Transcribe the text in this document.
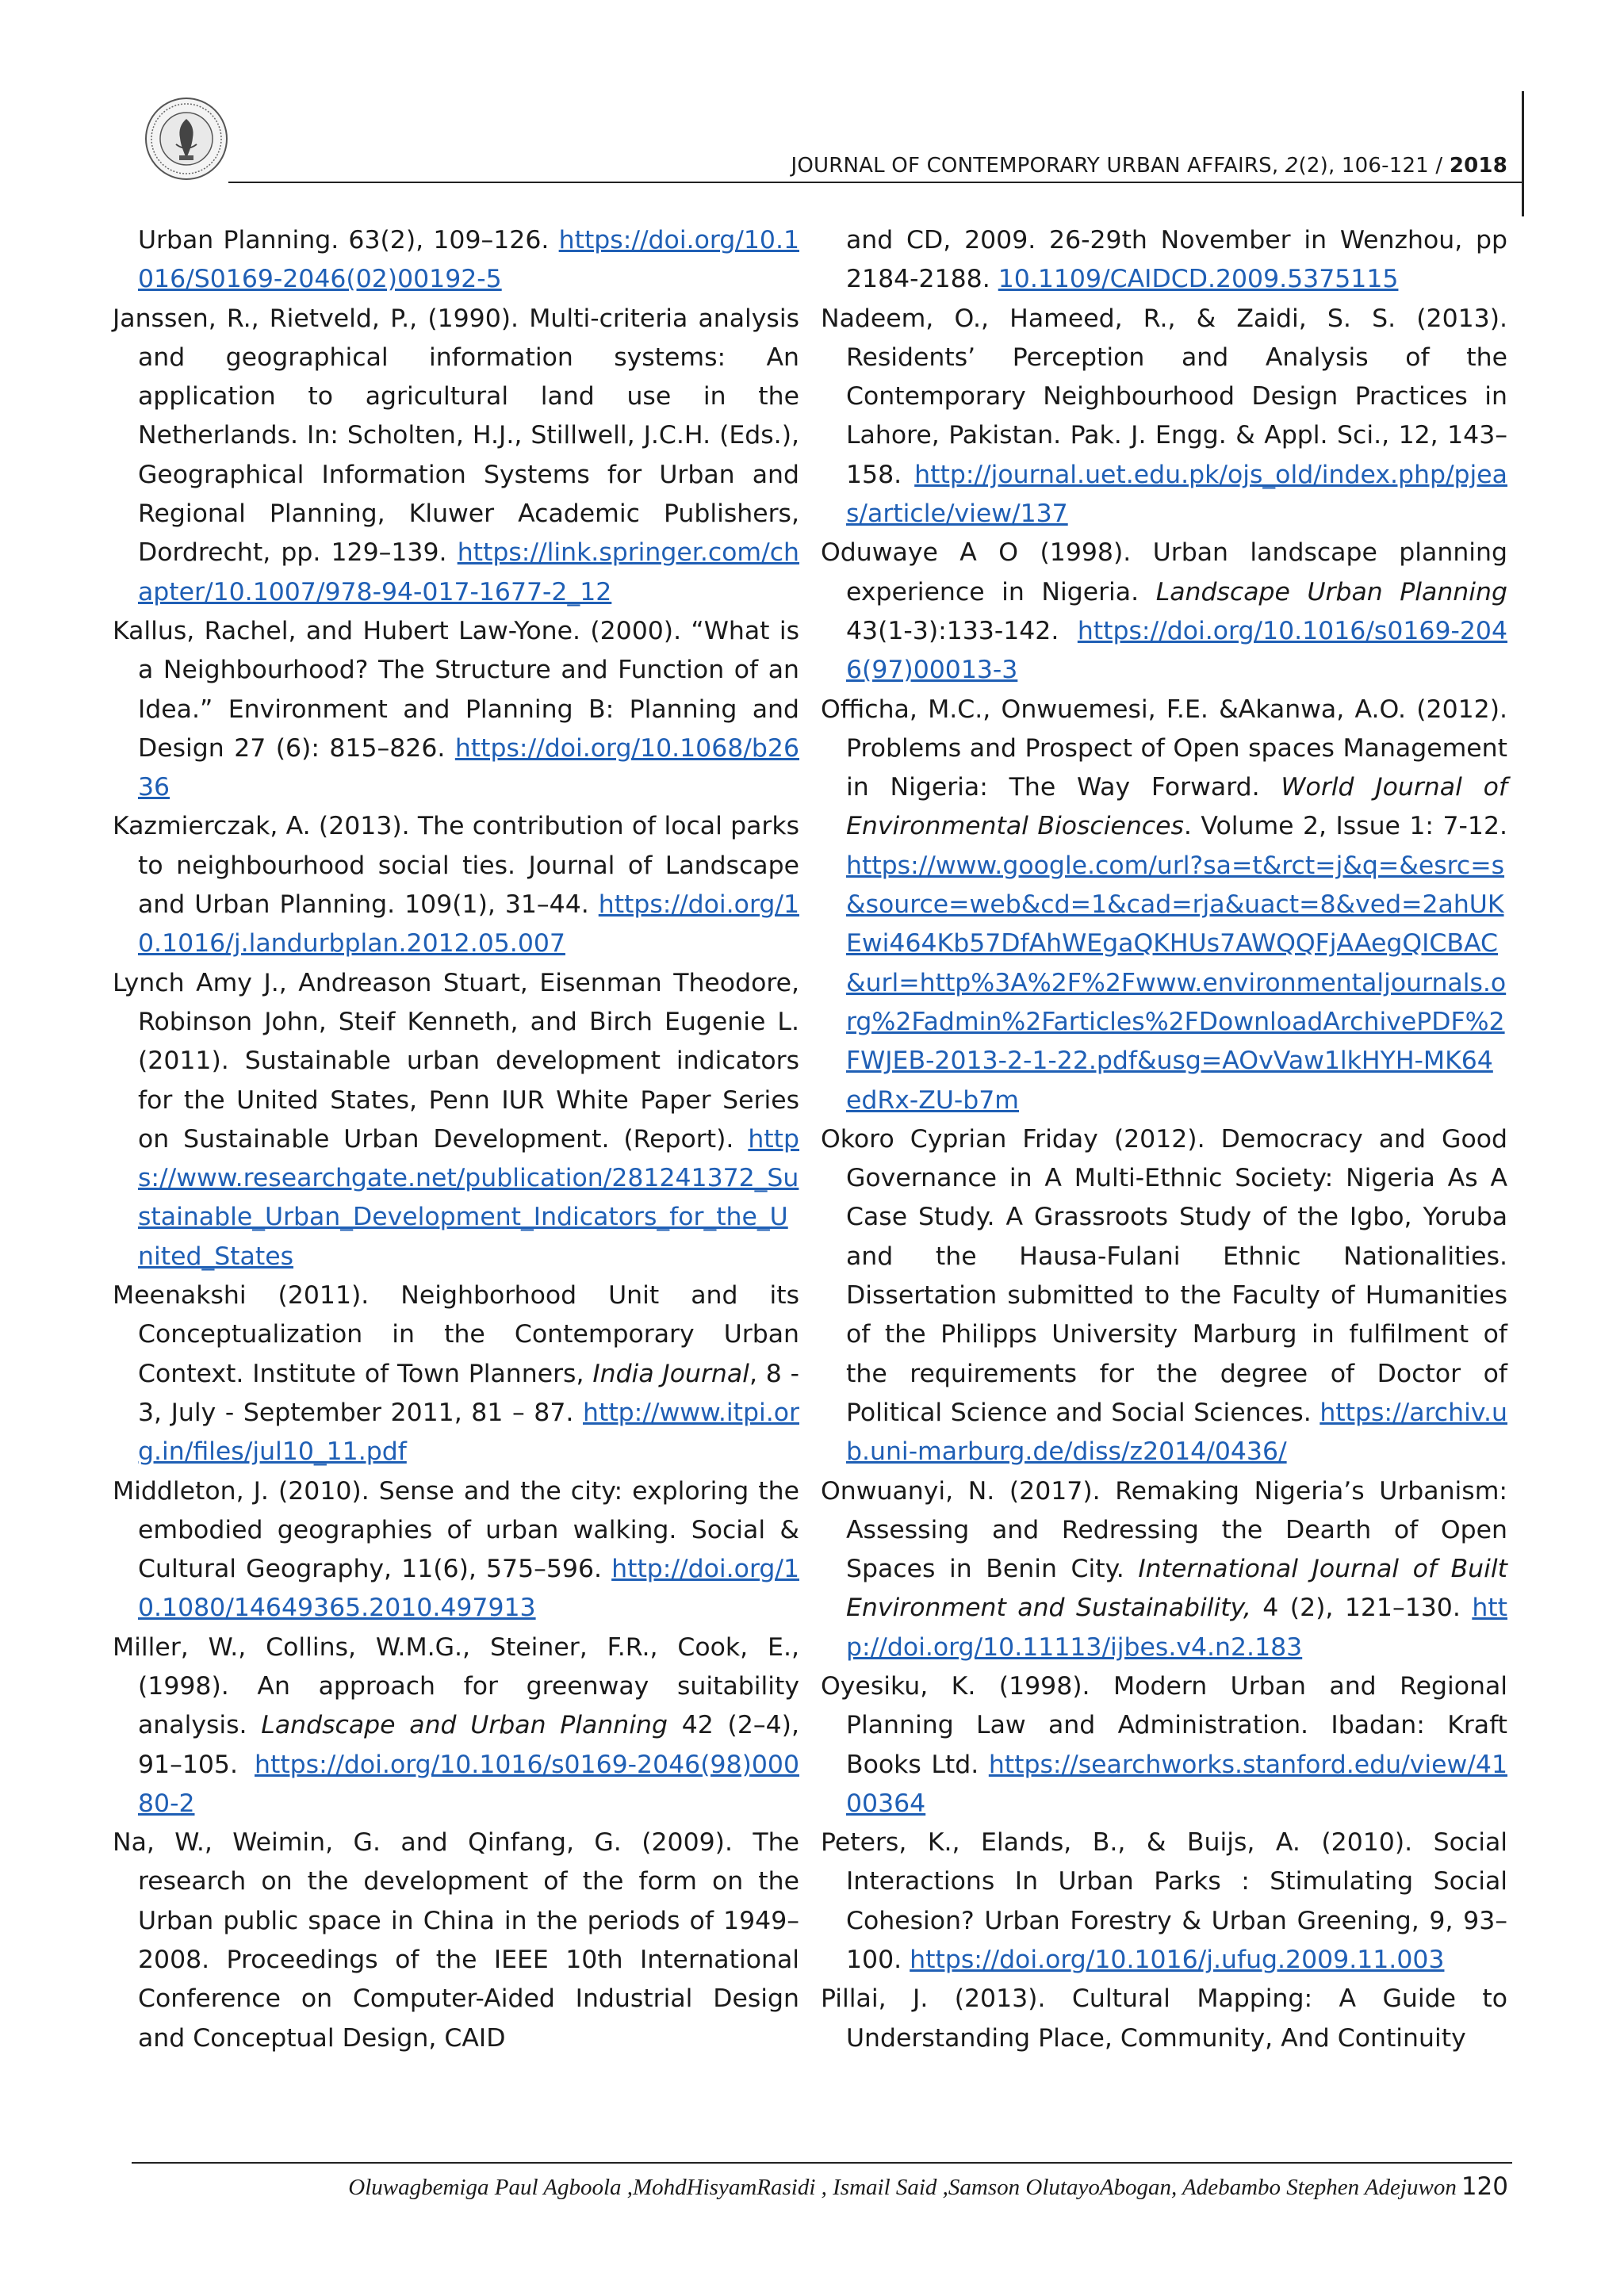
JOURNAL OF CONTEMPORARY URBAN AFFAIRS, 2(2), 106-121 / 2018

Urban Planning. 63(2), 109–126. https://doi.org/10.1016/S0169-2046(02)00192-5

Janssen, R., Rietveld, P., (1990). Multi-criteria analysis and geographical information systems: An application to agricultural land use in the Netherlands. In: Scholten, H.J., Stillwell, J.C.H. (Eds.), Geographical Information Systems for Urban and Regional Planning, Kluwer Academic Publishers, Dordrecht, pp. 129–139. https://link.springer.com/chapter/10.1007/978-94-017-1677-2_12

Kallus, Rachel, and Hubert Law-Yone. (2000). “What is a Neighbourhood? The Structure and Function of an Idea.” Environment and Planning B: Planning and Design 27 (6): 815–826. https://doi.org/10.1068/b2636

Kazmierczak, A. (2013). The contribution of local parks to neighbourhood social ties. Journal of Landscape and Urban Planning. 109(1), 31–44. https://doi.org/10.1016/j.landurbplan.2012.05.007

Lynch Amy J., Andreason Stuart, Eisenman Theodore, Robinson John, Steif Kenneth, and Birch Eugenie L. (2011). Sustainable urban development indicators for the United States, Penn IUR White Paper Series on Sustainable Urban Development. (Report). https://www.researchgate.net/publication/281241372_Sustainable_Urban_Development_Indicators_for_the_United_States

Meenakshi (2011). Neighborhood Unit and its Conceptualization in the Contemporary Urban Context. Institute of Town Planners, India Journal, 8 - 3, July - September 2011, 81 – 87. http://www.itpi.org.in/files/jul10_11.pdf

Middleton, J. (2010). Sense and the city: exploring the embodied geographies of urban walking. Social & Cultural Geography, 11(6), 575–596. http://doi.org/10.1080/14649365.2010.497913

Miller, W., Collins, W.M.G., Steiner, F.R., Cook, E., (1998). An approach for greenway suitability analysis. Landscape and Urban Planning 42 (2–4), 91–105. https://doi.org/10.1016/s0169-2046(98)00080-2

Na, W., Weimin, G. and Qinfang, G. (2009). The research on the development of the form on the Urban public space in China in the periods of 1949–2008. Proceedings of the IEEE 10th International Conference on Computer-Aided Industrial Design and Conceptual Design, CAID

and CD, 2009. 26-29th November in Wenzhou, pp 2184-2188. 10.1109/CAIDCD.2009.5375115

Nadeem, O., Hameed, R., & Zaidi, S. S. (2013). Residents’ Perception and Analysis of the Contemporary Neighbourhood Design Practices in Lahore, Pakistan. Pak. J. Engg. & Appl. Sci., 12, 143–158. http://journal.uet.edu.pk/ojs_old/index.php/pjeas/article/view/137

Oduwaye A O (1998). Urban landscape planning experience in Nigeria. Landscape Urban Planning 43(1-3):133-142. https://doi.org/10.1016/s0169-2046(97)00013-3

Officha, M.C., Onwuemesi, F.E. &Akanwa, A.O. (2012). Problems and Prospect of Open spaces Management in Nigeria: The Way Forward. World Journal of Environmental Biosciences. Volume 2, Issue 1: 7-12. https://www.google.com/url?sa=t&rct=j&q=&esrc=s&source=web&cd=1&cad=rja&uact=8&ved=2ahUKEwi464Kb57DfAhWEgaQKHUs7AWQQFjAAegQICBAC&url=http%3A%2F%2Fwww.environmentaljournals.org%2Fadmin%2Farticles%2FDownloadArchivePDF%2FWJEB-2013-2-1-22.pdf&usg=AOvVaw1lkHYH-MK64edRx-ZU-b7m

Okoro Cyprian Friday (2012). Democracy and Good Governance in A Multi-Ethnic Society: Nigeria As A Case Study. A Grassroots Study of the Igbo, Yoruba and the Hausa-Fulani Ethnic Nationalities. Dissertation submitted to the Faculty of Humanities of the Philipps University Marburg in fulfilment of the requirements for the degree of Doctor of Political Science and Social Sciences. https://archiv.ub.uni-marburg.de/diss/z2014/0436/

Onwuanyi, N. (2017). Remaking Nigeria’s Urbanism: Assessing and Redressing the Dearth of Open Spaces in Benin City. International Journal of Built Environment and Sustainability, 4 (2), 121–130. http://doi.org/10.11113/ijbes.v4.n2.183

Oyesiku, K. (1998). Modern Urban and Regional Planning Law and Administration. Ibadan: Kraft Books Ltd. https://searchworks.stanford.edu/view/4100364

Peters, K., Elands, B., & Buijs, A. (2010). Social Interactions In Urban Parks : Stimulating Social Cohesion? Urban Forestry & Urban Greening, 9, 93–100. https://doi.org/10.1016/j.ufug.2009.11.003

Pillai, J. (2013). Cultural Mapping: A Guide to Understanding Place, Community, And Continuity

Oluwagbemiga Paul Agboola ,MohdHisyamRasidi , Ismail Said ,Samson OlutayoAbogan, Adebambo Stephen Adejuwon 120
